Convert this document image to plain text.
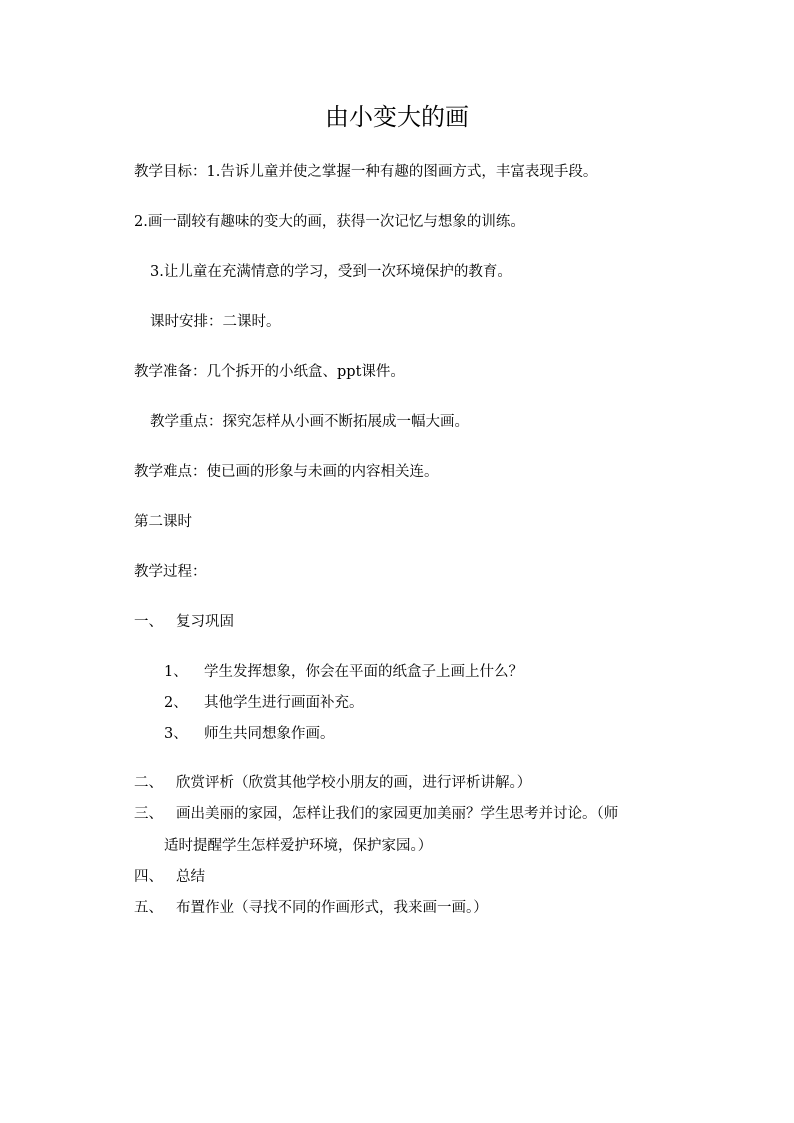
由小变大的画
教学目标：1.告诉儿童并使之掌握一种有趣的图画方式，丰富表现手段。
2.画一副较有趣味的变大的画，获得一次记忆与想象的训练。
3.让儿童在充满情意的学习，受到一次环境保护的教育。
课时安排：二课时。
教学准备：几个拆开的小纸盒、ppt课件。
教学重点：探究怎样从小画不断拓展成一幅大画。
教学难点：使已画的形象与未画的内容相关连。
第二课时
教学过程：
一、 复习巩固
1、 学生发挥想象，你会在平面的纸盒子上画上什么？
2、 其他学生进行画面补充。
3、 师生共同想象作画。
二、 欣赏评析（欣赏其他学校小朋友的画，进行评析讲解。）
三、 画出美丽的家园，怎样让我们的家园更加美丽？学生思考并讨论。（师
适时提醒学生怎样爱护环境，保护家园。）
四、 总结
五、 布置作业（寻找不同的作画形式，我来画一画。）
